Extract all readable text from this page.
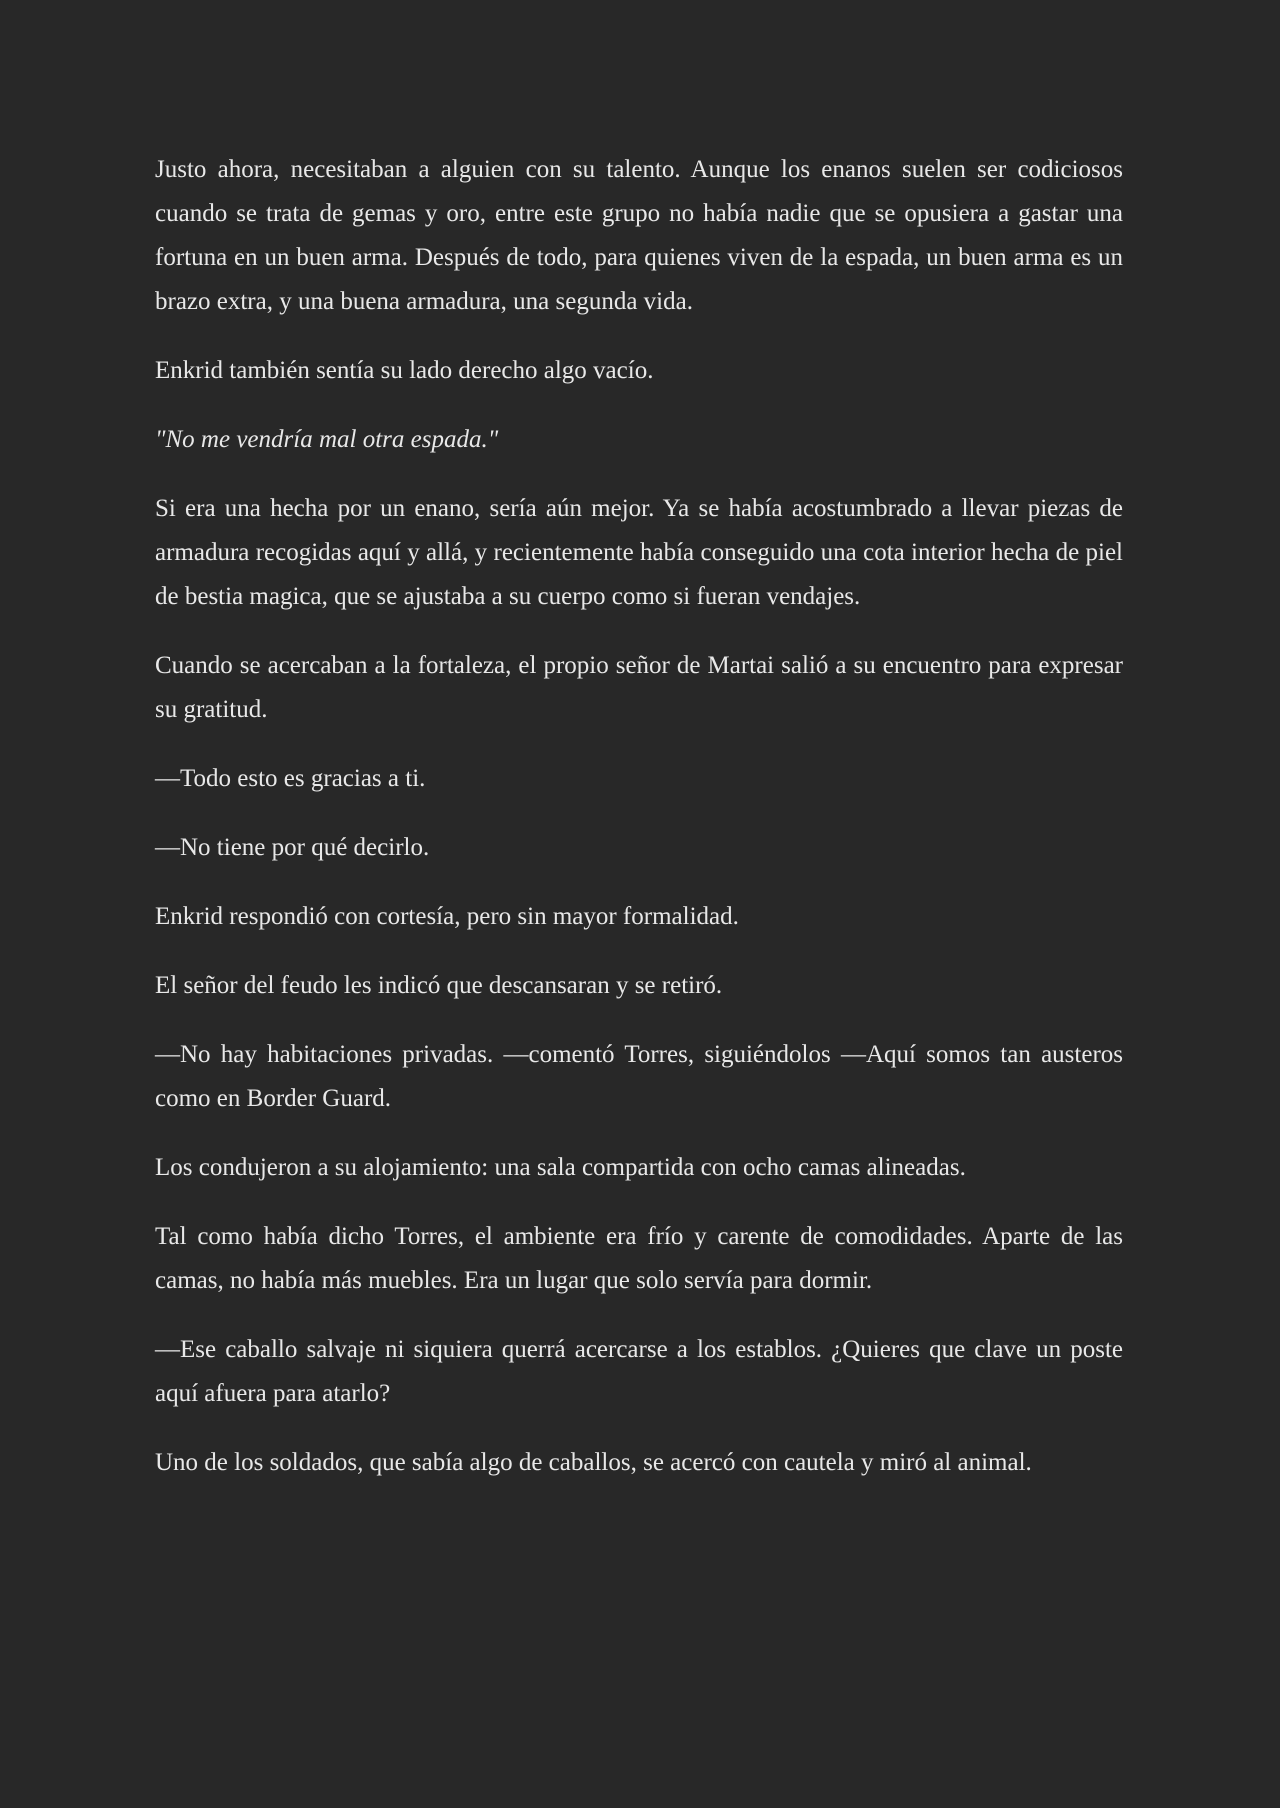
Justo ahora, necesitaban a alguien con su talento. Aunque los enanos suelen ser codiciosos cuando se trata de gemas y oro, entre este grupo no había nadie que se opusiera a gastar una fortuna en un buen arma. Después de todo, para quienes viven de la espada, un buen arma es un brazo extra, y una buena armadura, una segunda vida.

Enkrid también sentía su lado derecho algo vacío.

"No me vendría mal otra espada."

Si era una hecha por un enano, sería aún mejor. Ya se había acostumbrado a llevar piezas de armadura recogidas aquí y allá, y recientemente había conseguido una cota interior hecha de piel de bestia magica, que se ajustaba a su cuerpo como si fueran vendajes.

Cuando se acercaban a la fortaleza, el propio señor de Martai salió a su encuentro para expresar su gratitud.

—Todo esto es gracias a ti.

—No tiene por qué decirlo.

Enkrid respondió con cortesía, pero sin mayor formalidad.

El señor del feudo les indicó que descansaran y se retiró.

—No hay habitaciones privadas. —comentó Torres, siguiéndolos —Aquí somos tan austeros como en Border Guard.

Los condujeron a su alojamiento: una sala compartida con ocho camas alineadas.

Tal como había dicho Torres, el ambiente era frío y carente de comodidades. Aparte de las camas, no había más muebles. Era un lugar que solo servía para dormir.

—Ese caballo salvaje ni siquiera querrá acercarse a los establos. ¿Quieres que clave un poste aquí afuera para atarlo?

Uno de los soldados, que sabía algo de caballos, se acercó con cautela y miró al animal.
